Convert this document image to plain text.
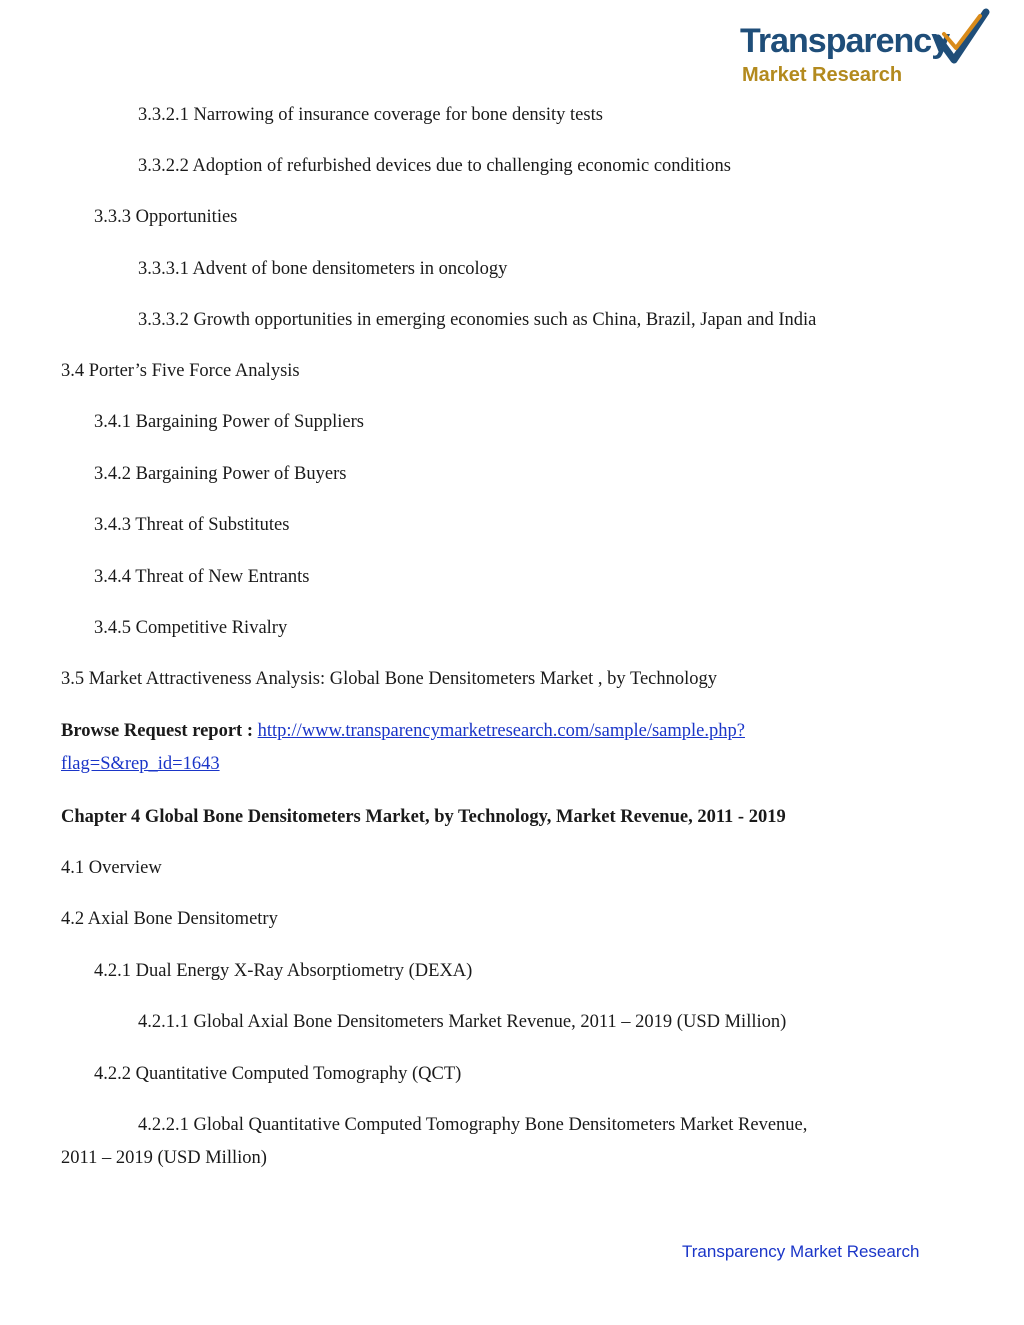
Transparency
Market Research
3.3.2.1 Narrowing of insurance coverage for bone density tests
3.3.2.2 Adoption of refurbished devices due to challenging economic conditions
3.3.3 Opportunities
3.3.3.1 Advent of bone densitometers in oncology
3.3.3.2 Growth opportunities in emerging economies such as China, Brazil, Japan and India
3.4 Porter’s Five Force Analysis
3.4.1 Bargaining Power of Suppliers
3.4.2 Bargaining Power of Buyers
3.4.3 Threat of Substitutes
3.4.4 Threat of New Entrants
3.4.5 Competitive Rivalry
3.5 Market Attractiveness Analysis: Global Bone Densitometers Market , by Technology
Browse Request report : http://www.transparencymarketresearch.com/sample/sample.php?
flag=S&rep_id=1643
Chapter 4 Global Bone Densitometers Market, by Technology, Market Revenue, 2011 - 2019
4.1 Overview
4.2 Axial Bone Densitometry
4.2.1 Dual Energy X-Ray Absorptiometry (DEXA)
4.2.1.1 Global Axial Bone Densitometers Market Revenue, 2011 – 2019 (USD Million)
4.2.2 Quantitative Computed Tomography (QCT)
4.2.2.1 Global Quantitative Computed Tomography Bone Densitometers Market Revenue,
2011 – 2019 (USD Million)
Transparency Market Research
